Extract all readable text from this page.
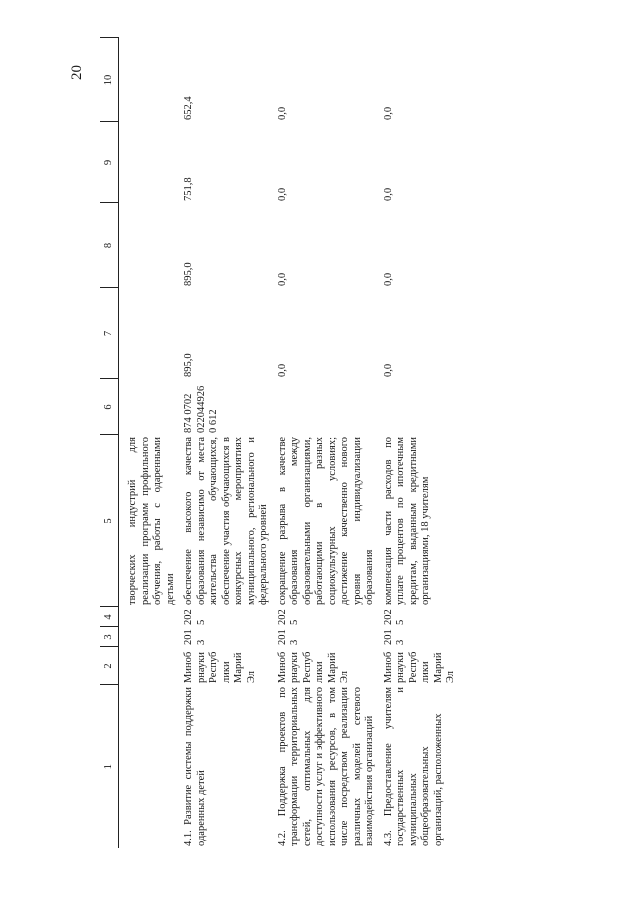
20
1	2	3	4	5	6	7	8	9	10

				творческих индустрий для реализации программ профильного обучения, работы с одаренными детьми					
4.1. Развитие системы поддержки одаренных детей	Минобрнауки Республики Марий Эл	2013	2025	обеспечение высокого качества образования независимо от места жительства обучающихся, обеспечение участия обучающихся в конкурсных мероприятиях муниципального, регионального и федерального уровней	874 0702 0220449260 612	895,0	895,0	751,8	652,4
4.2. Поддержка проектов по трансформации территориальных сетей, оптимальных для доступности услуг и эффективного использования ресурсов, в том числе посредством реализации различных моделей сетевого взаимодействия организаций	Минобрнауки Республики Марий Эл	2013	2025	сокращение разрыва в качестве образования между образовательными организациями, работающими в разных социокультурных условиях; достижение качественно нового уровня индивидуализации образования		0,0	0,0	0,0	0,0
4.3. Предоставление учителям государственных и муниципальных общеобразовательных организаций, расположенных	Минобрнауки Республики Марий Эл	2013	2025	компенсация части расходов по уплате процентов по ипотечным кредитам, выданным кредитными организациями, 18 учителям		0,0	0,0	0,0	0,0
